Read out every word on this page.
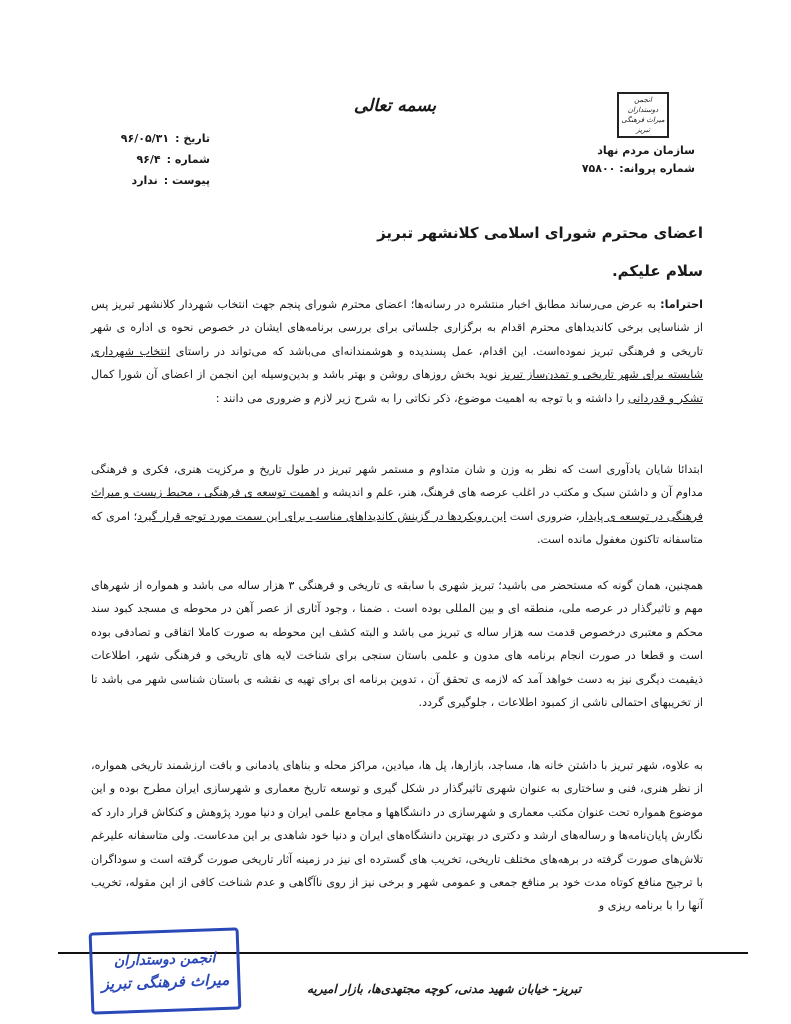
بسمه تعالی	انجمن دوستداران میراث فرهنگی تبریز
سازمان مردم نهاد
شماره پروانه: ۷۵۸۰۰
تاریخ :
۹۶/۰۵/۳۱
شماره :
۹۶/۴
پیوست :
ندارد
اعضای محترم شورای اسلامی کلانشهر تبریز
سلام علیکم.
احتراما: به عرض می‌رساند مطابق اخبار منتشره در رسانه‌ها؛ اعضای محترم شورای پنجم جهت انتخاب شهردار کلانشهر تبریز پس از شناسایی برخی کاندیداهای محترم اقدام به برگزاری جلساتی برای بررسی برنامه‌های ایشان در خصوص نحوه ی اداره ی شهر تاریخی و فرهنگی تبریز نموده‌است. این اقدام، عمل پسندیده و هوشمندانه‌ای می‌باشد که می‌تواند در راستای انتخاب شهرداری شایسته برای شهر تاریخی و تمدن‌ساز تبریز نوید بخش روزهای روشن و بهتر باشد و بدین‌وسیله این انجمن از اعضای آن شورا کمال تشکر و قدردانی را داشته و با توجه به اهمیت موضوع، ذکر نکاتی را به شرح زیر لازم و ضروری می دانند :
ابتدائا شایان یادآوری است که نظر به وزن و شان متداوم و مستمر شهر تبریز در طول تاریخ و مرکزیت هنری، فکری و فرهنگی مداوم آن و داشتن سبک و مکتب در اغلب عرصه های فرهنگ، هنر، علم و اندیشه و اهمیت توسعه ی فرهنگی ، محیط زیست و میراث فرهنگی در توسعه ی پایدار، ضروری است این رویکردها در گزینش کاندیداهای مناسب برای این سمت مورد توجه قرار گیرد؛ امری که متاسفانه تاکنون مغفول مانده است.
همچنین، همان گونه که مستحضر می باشید؛ تبریز شهری با سابقه ی تاریخی و فرهنگی ۳ هزار ساله می باشد و همواره از شهرهای مهم و تاثیرگذار در عرصه ملی، منطقه ای و بین المللی بوده است . ضمنا ، وجود آثاری از عصر آهن در محوطه ی مسجد کبود سند محکم و معتبری درخصوص قدمت سه هزار ساله ی تبریز می باشد و البته کشف این محوطه به صورت کاملا اتفاقی و تصادفی بوده است و قطعا در صورت انجام برنامه های مدون و علمی باستان سنجی برای شناخت لایه های تاریخی و فرهنگی شهر، اطلاعات ذیقیمت دیگری نیز به دست خواهد آمد که لازمه ی تحقق آن ، تدوین برنامه ای برای تهیه ی نقشه ی باستان شناسی شهر می باشد تا از تخریبهای احتمالی ناشی از کمبود اطلاعات ، جلوگیری گردد.
به علاوه، شهر تبریز با داشتن خانه ها، مساجد، بازارها، پل ها، میادین، مراکز محله و بناهای یادمانی و بافت ارزشمند تاریخی همواره، از نظر هنری، فنی و ساختاری به عنوان شهری تاثیرگذار در شکل گیری و توسعه تاریخ معماری و شهرسازی ایران مطرح بوده و این موضوع همواره تحت عنوان مکتب معماری و شهرسازی در دانشگاهها و مجامع علمی ایران و دنیا مورد پژوهش و کنکاش قرار دارد که نگارش پایان‌نامه‌ها و رساله‌های ارشد و دکتری در بهترین دانشگاه‌های ایران و دنیا خود شاهدی بر این مدعاست. ولی متاسفانه علیرغم تلاش‌های صورت گرفته در برهه‌های مختلف تاریخی، تخریب های گسترده ای نیز در زمینه آثار تاریخی صورت گرفته است و سوداگران با ترجیح منافع کوتاه مدت خود بر منافع جمعی و عمومی شهر و برخی نیز از روی ناآگاهی و عدم شناخت کافی از این مقوله، تخریب آنها را با برنامه ریزی و
تبریز- خیابان شهید مدنی، کوچه مجتهدی‌ها، بازار امیریه
انجمن دوستداران
میراث فرهنگی تبریز
